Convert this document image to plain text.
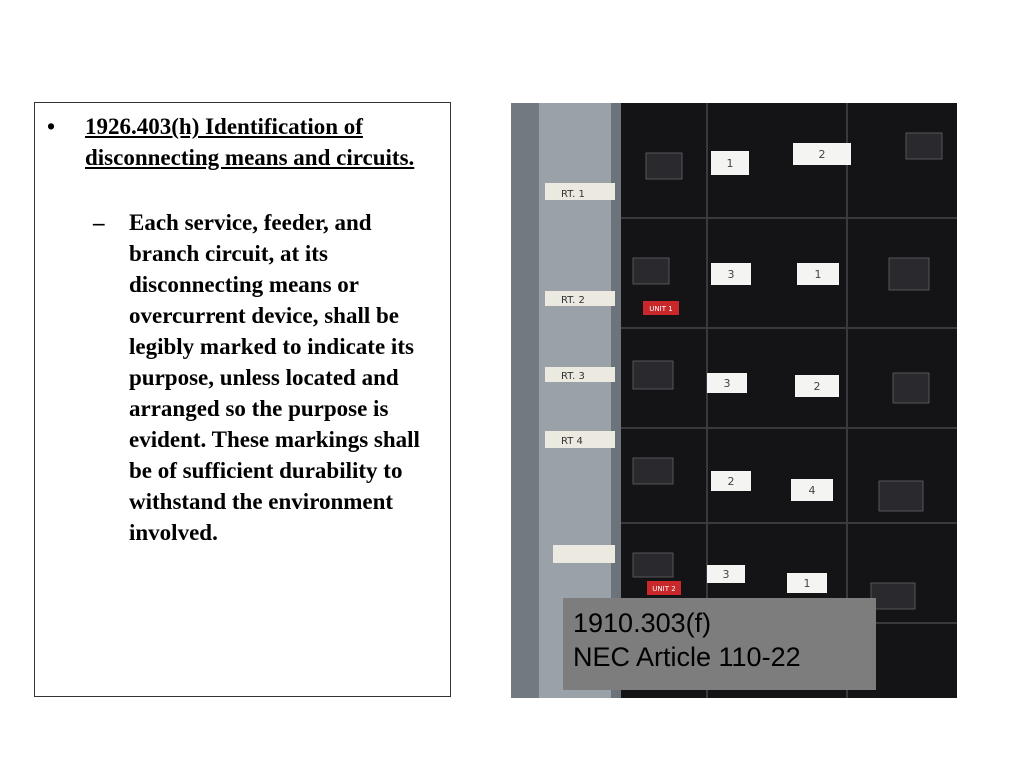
•	1926.403(h) Identification of disconnecting means and circuits.
–	Each service, feeder, and branch circuit, at its disconnecting means or overcurrent device, shall be legibly marked to indicate its purpose, unless located and arranged so the purpose is evident. These markings shall be of sufficient durability to withstand the environment involved.
RT. 1
RT. 2
RT. 3
RT 4
1
2
3	1
3	2
2
4
3
1
UNIT 1
UNIT 2
1910.303(f)
NEC Article 110-22
